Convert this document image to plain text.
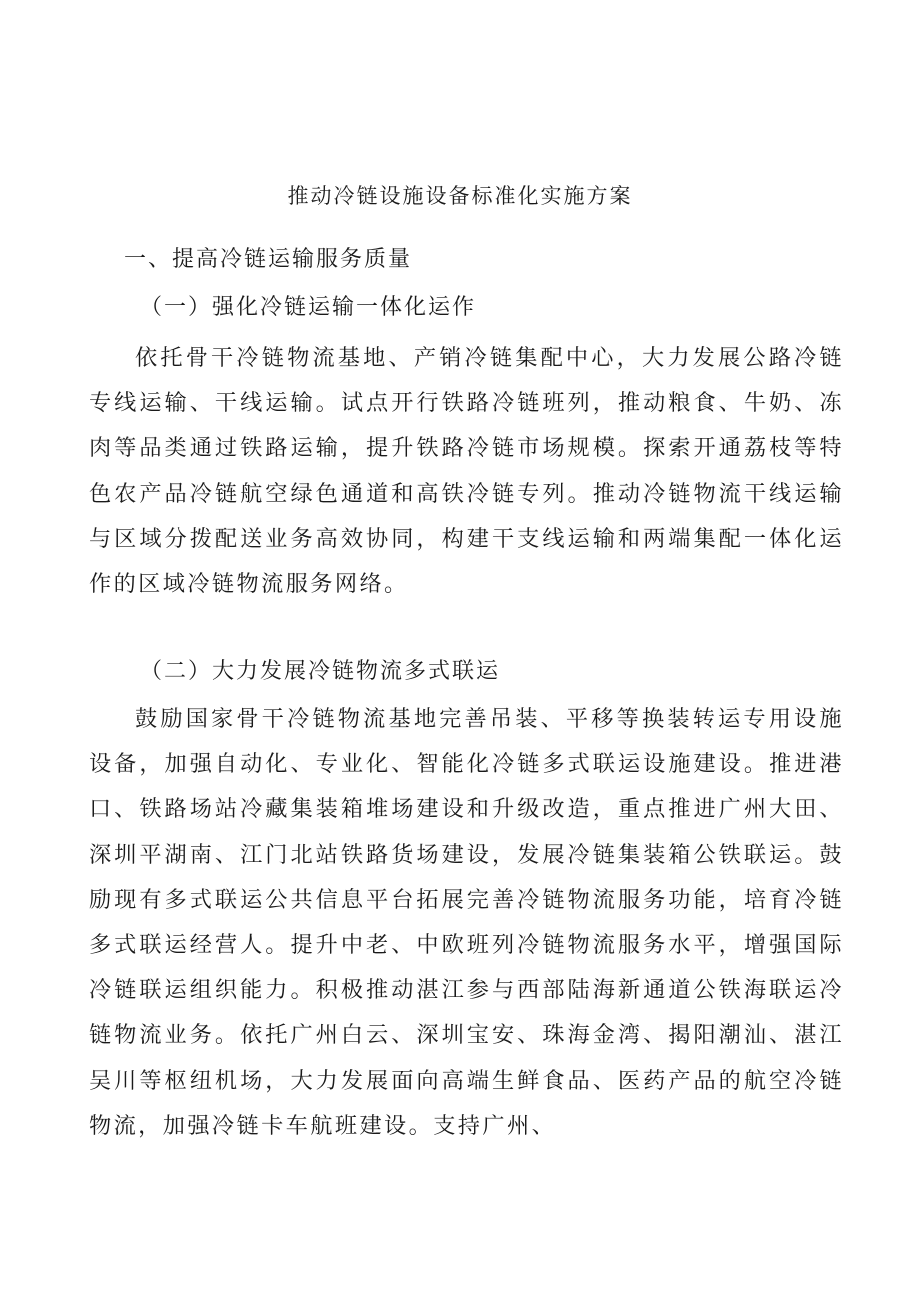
推动冷链设施设备标准化实施方案
一、提高冷链运输服务质量
（一）强化冷链运输一体化运作

依托骨干冷链物流基地、产销冷链集配中心，大力发展公路冷链专线运输、干线运输。试点开行铁路冷链班列，推动粮食、牛奶、冻肉等品类通过铁路运输，提升铁路冷链市场规模。探索开通荔枝等特色农产品冷链航空绿色通道和高铁冷链专列。推动冷链物流干线运输与区域分拨配送业务高效协同，构建干支线运输和两端集配一体化运作的区域冷链物流服务网络。

（二）大力发展冷链物流多式联运

鼓励国家骨干冷链物流基地完善吊装、平移等换装转运专用设施设备，加强自动化、专业化、智能化冷链多式联运设施建设。推进港口、铁路场站冷藏集装箱堆场建设和升级改造，重点推进广州大田、深圳平湖南、江门北站铁路货场建设，发展冷链集装箱公铁联运。鼓励现有多式联运公共信息平台拓展完善冷链物流服务功能，培育冷链多式联运经营人。提升中老、中欧班列冷链物流服务水平，增强国际冷链联运组织能力。积极推动湛江参与西部陆海新通道公铁海联运冷链物流业务。依托广州白云、深圳宝安、珠海金湾、揭阳潮汕、湛江吴川等枢纽机场，大力发展面向高端生鲜食品、医药产品的航空冷链物流，加强冷链卡车航班建设。支持广州、
